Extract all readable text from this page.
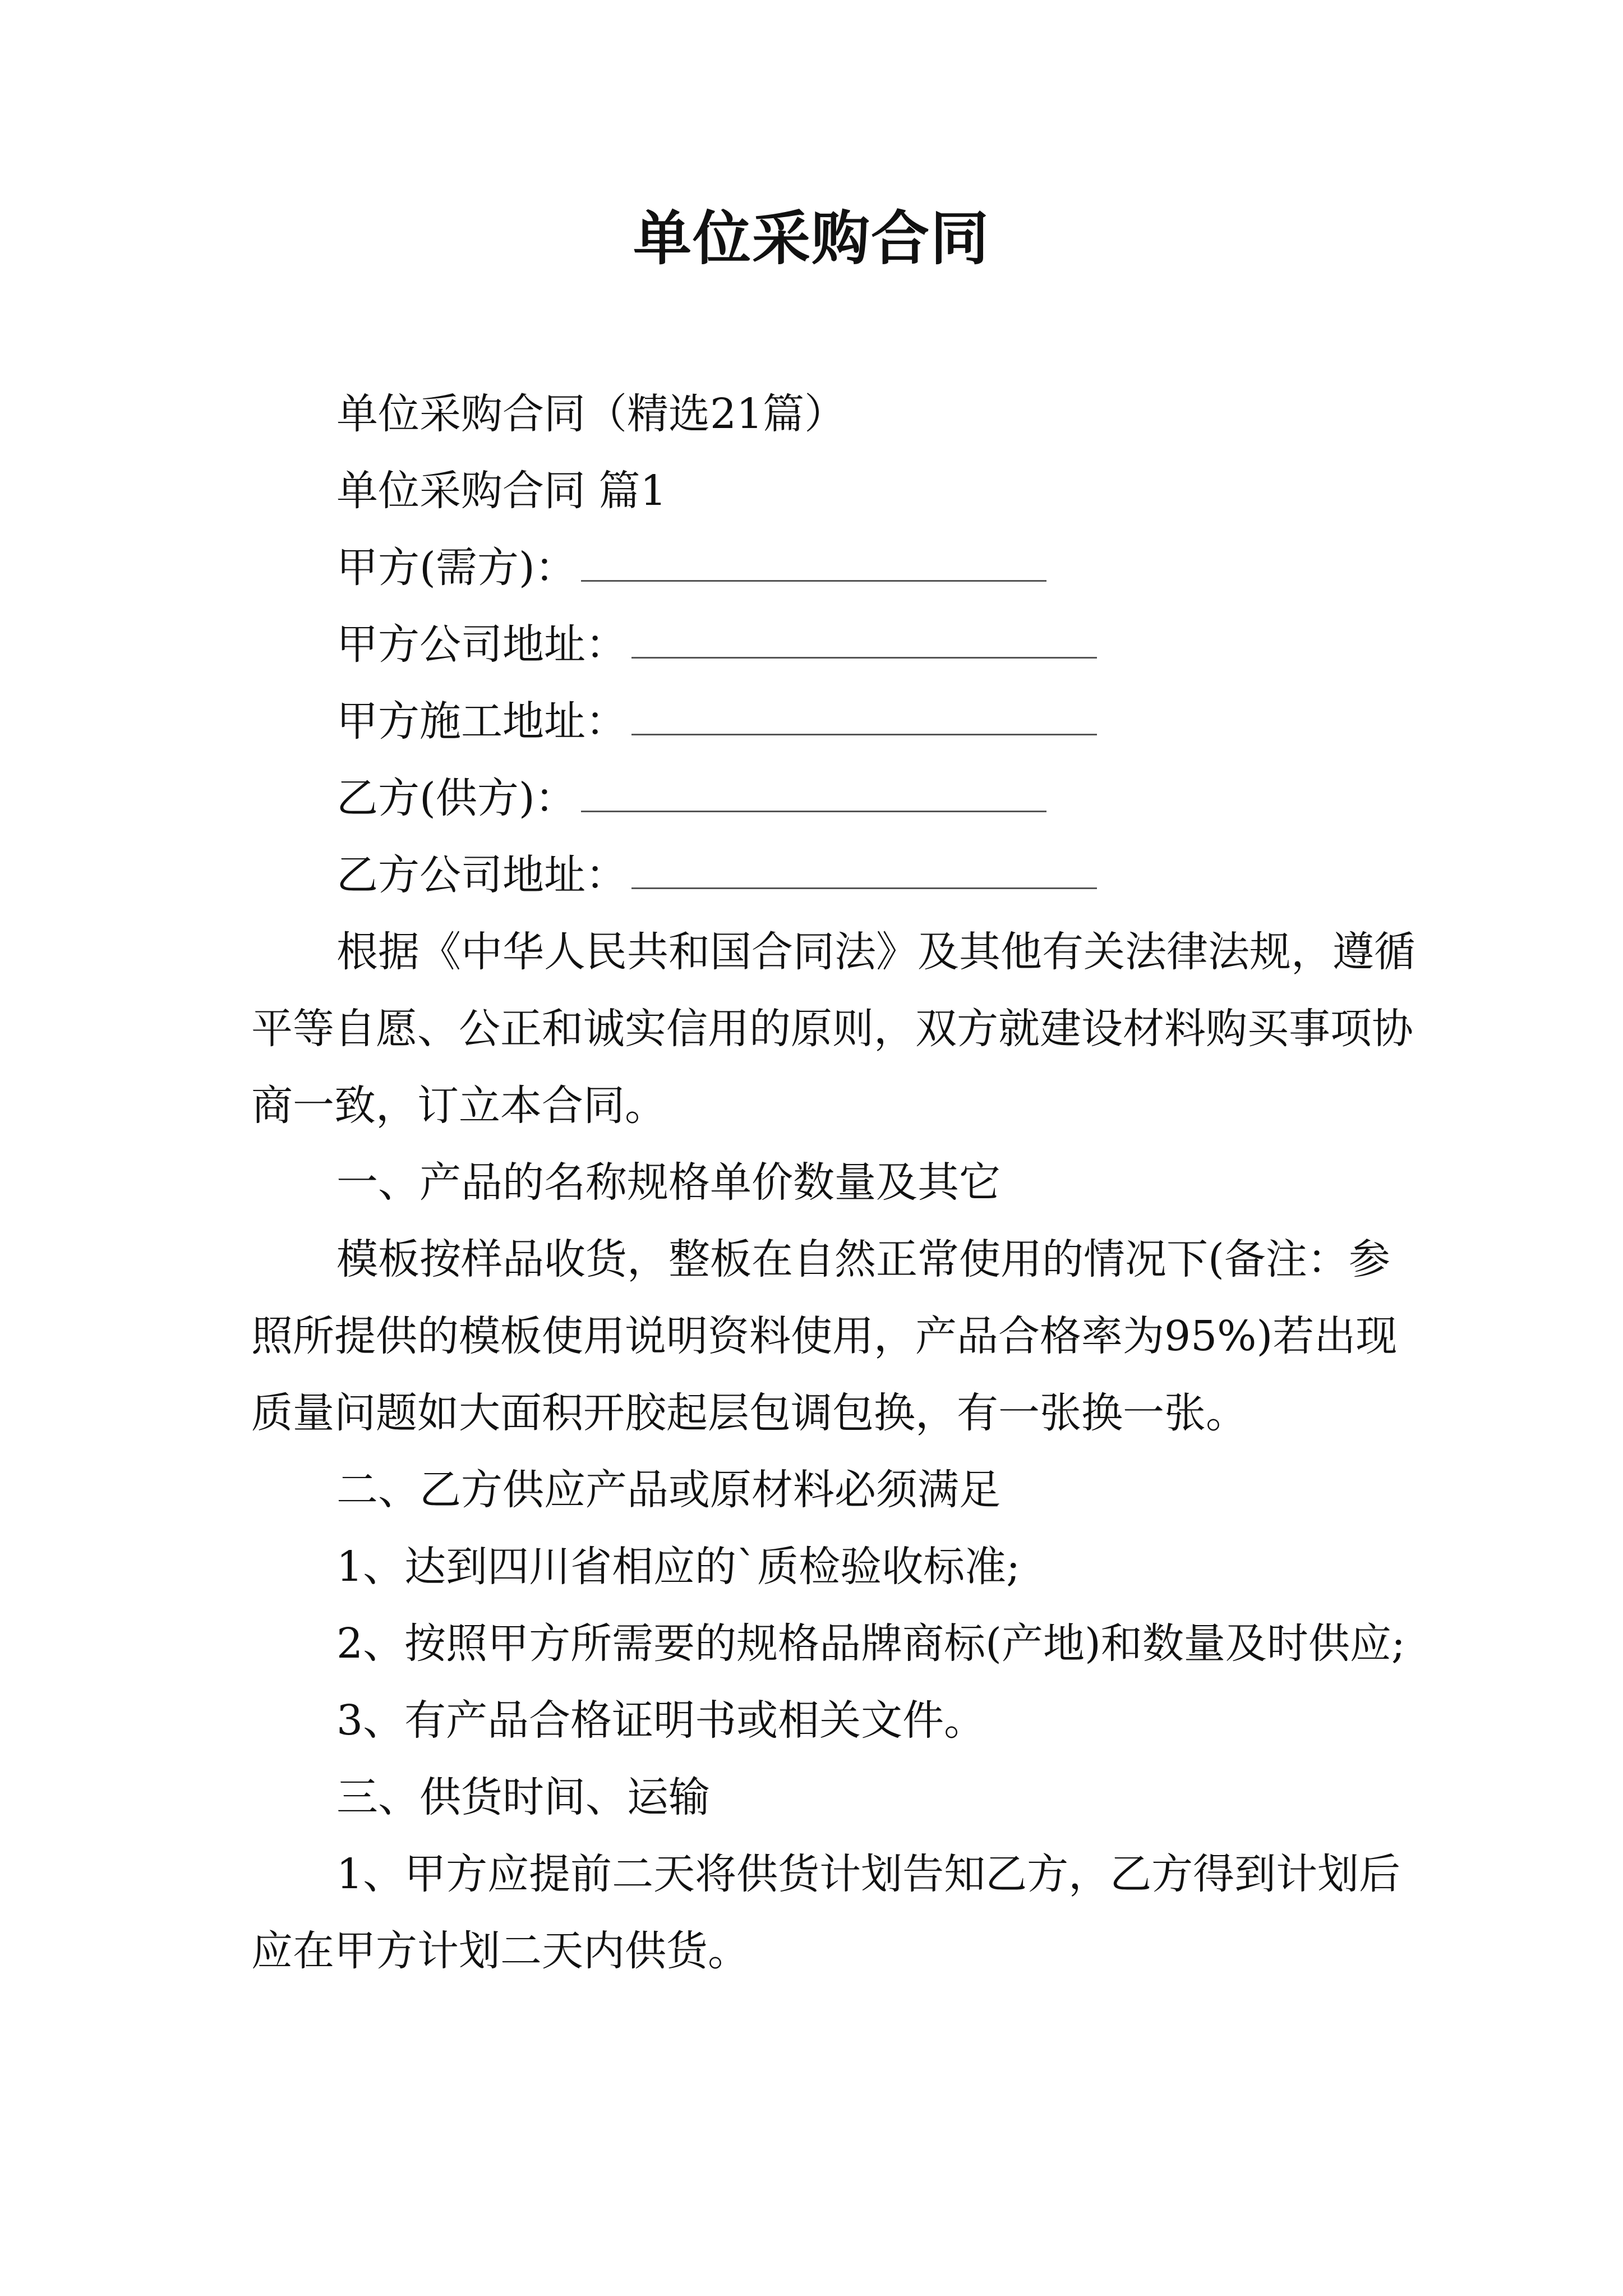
单位采购合同

单位采购合同（精选21篇）

单位采购合同 篇1

甲方(需方)：

甲方公司地址：

甲方施工地址：

乙方(供方)：

乙方公司地址：

根据《中华人民共和国合同法》及其他有关法律法规，遵循平等自愿、公正和诚实信用的原则，双方就建设材料购买事项协商一致，订立本合同。

一、产品的名称规格单价数量及其它

模板按样品收货，整板在自然正常使用的情况下(备注：参照所提供的模板使用说明资料使用，产品合格率为95%)若出现质量问题如大面积开胶起层包调包换，有一张换一张。

二、乙方供应产品或原材料必须满足

1、达到四川省相应的`质检验收标准;

2、按照甲方所需要的规格品牌商标(产地)和数量及时供应;

3、有产品合格证明书或相关文件。

三、供货时间、运输

1、甲方应提前二天将供货计划告知乙方，乙方得到计划后应在甲方计划二天内供货。
